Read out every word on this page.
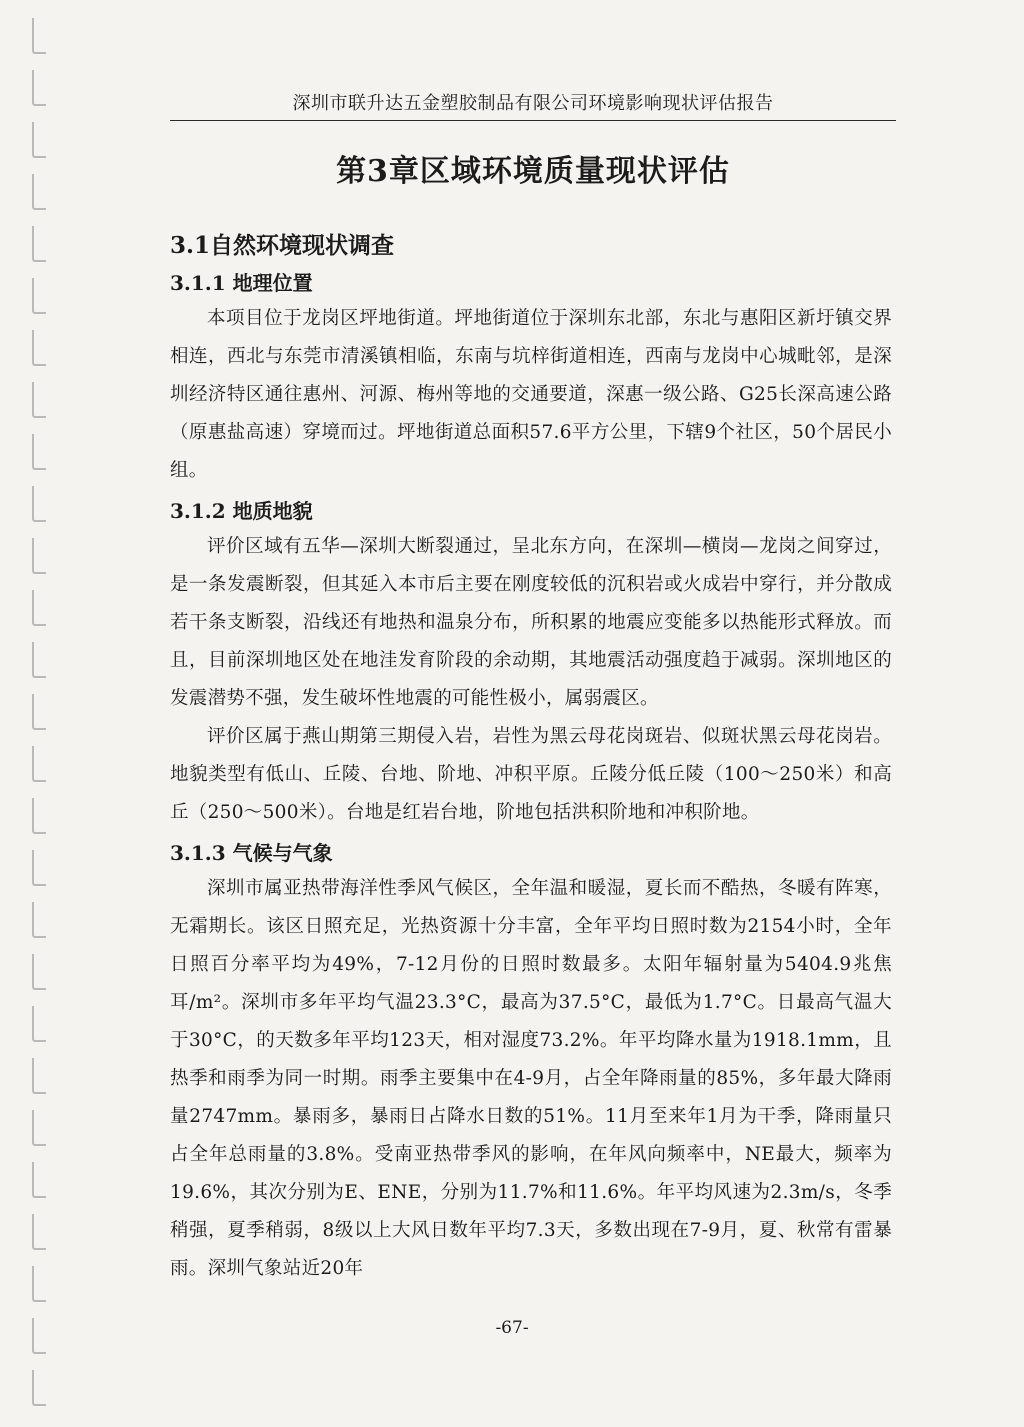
深圳市联升达五金塑胶制品有限公司环境影响现状评估报告
第3章区域环境质量现状评估
3.1自然环境现状调查
3.1.1 地理位置

本项目位于龙岗区坪地街道。坪地街道位于深圳东北部，东北与惠阳区新圩镇交界相连，西北与东莞市清溪镇相临，东南与坑梓街道相连，西南与龙岗中心城毗邻，是深圳经济特区通往惠州、河源、梅州等地的交通要道，深惠一级公路、G25长深高速公路（原惠盐高速）穿境而过。坪地街道总面积57.6平方公里，下辖9个社区，50个居民小组。

3.1.2 地质地貌

评价区域有五华—深圳大断裂通过，呈北东方向，在深圳—横岗—龙岗之间穿过，是一条发震断裂，但其延入本市后主要在刚度较低的沉积岩或火成岩中穿行，并分散成若干条支断裂，沿线还有地热和温泉分布，所积累的地震应变能多以热能形式释放。而且，目前深圳地区处在地洼发育阶段的余动期，其地震活动强度趋于减弱。深圳地区的发震潜势不强，发生破坏性地震的可能性极小，属弱震区。

评价区属于燕山期第三期侵入岩，岩性为黑云母花岗斑岩、似斑状黑云母花岗岩。地貌类型有低山、丘陵、台地、阶地、冲积平原。丘陵分低丘陵（100～250米）和高丘（250～500米）。台地是红岩台地，阶地包括洪积阶地和冲积阶地。

3.1.3 气候与气象

深圳市属亚热带海洋性季风气候区，全年温和暖湿，夏长而不酷热，冬暖有阵寒，无霜期长。该区日照充足，光热资源十分丰富，全年平均日照时数为2154小时，全年日照百分率平均为49%，7-12月份的日照时数最多。太阳年辐射量为5404.9兆焦耳/m²。深圳市多年平均气温23.3°C，最高为37.5°C，最低为1.7°C。日最高气温大于30°C，的天数多年平均123天，相对湿度73.2%。年平均降水量为1918.1mm，且热季和雨季为同一时期。雨季主要集中在4-9月，占全年降雨量的85%，多年最大降雨量2747mm。暴雨多，暴雨日占降水日数的51%。11月至来年1月为干季，降雨量只占全年总雨量的3.8%。受南亚热带季风的影响，在年风向频率中，NE最大，频率为19.6%，其次分别为E、ENE，分别为11.7%和11.6%。年平均风速为2.3m/s，冬季稍强，夏季稍弱，8级以上大风日数年平均7.3天，多数出现在7-9月，夏、秋常有雷暴雨。深圳气象站近20年

-67-
